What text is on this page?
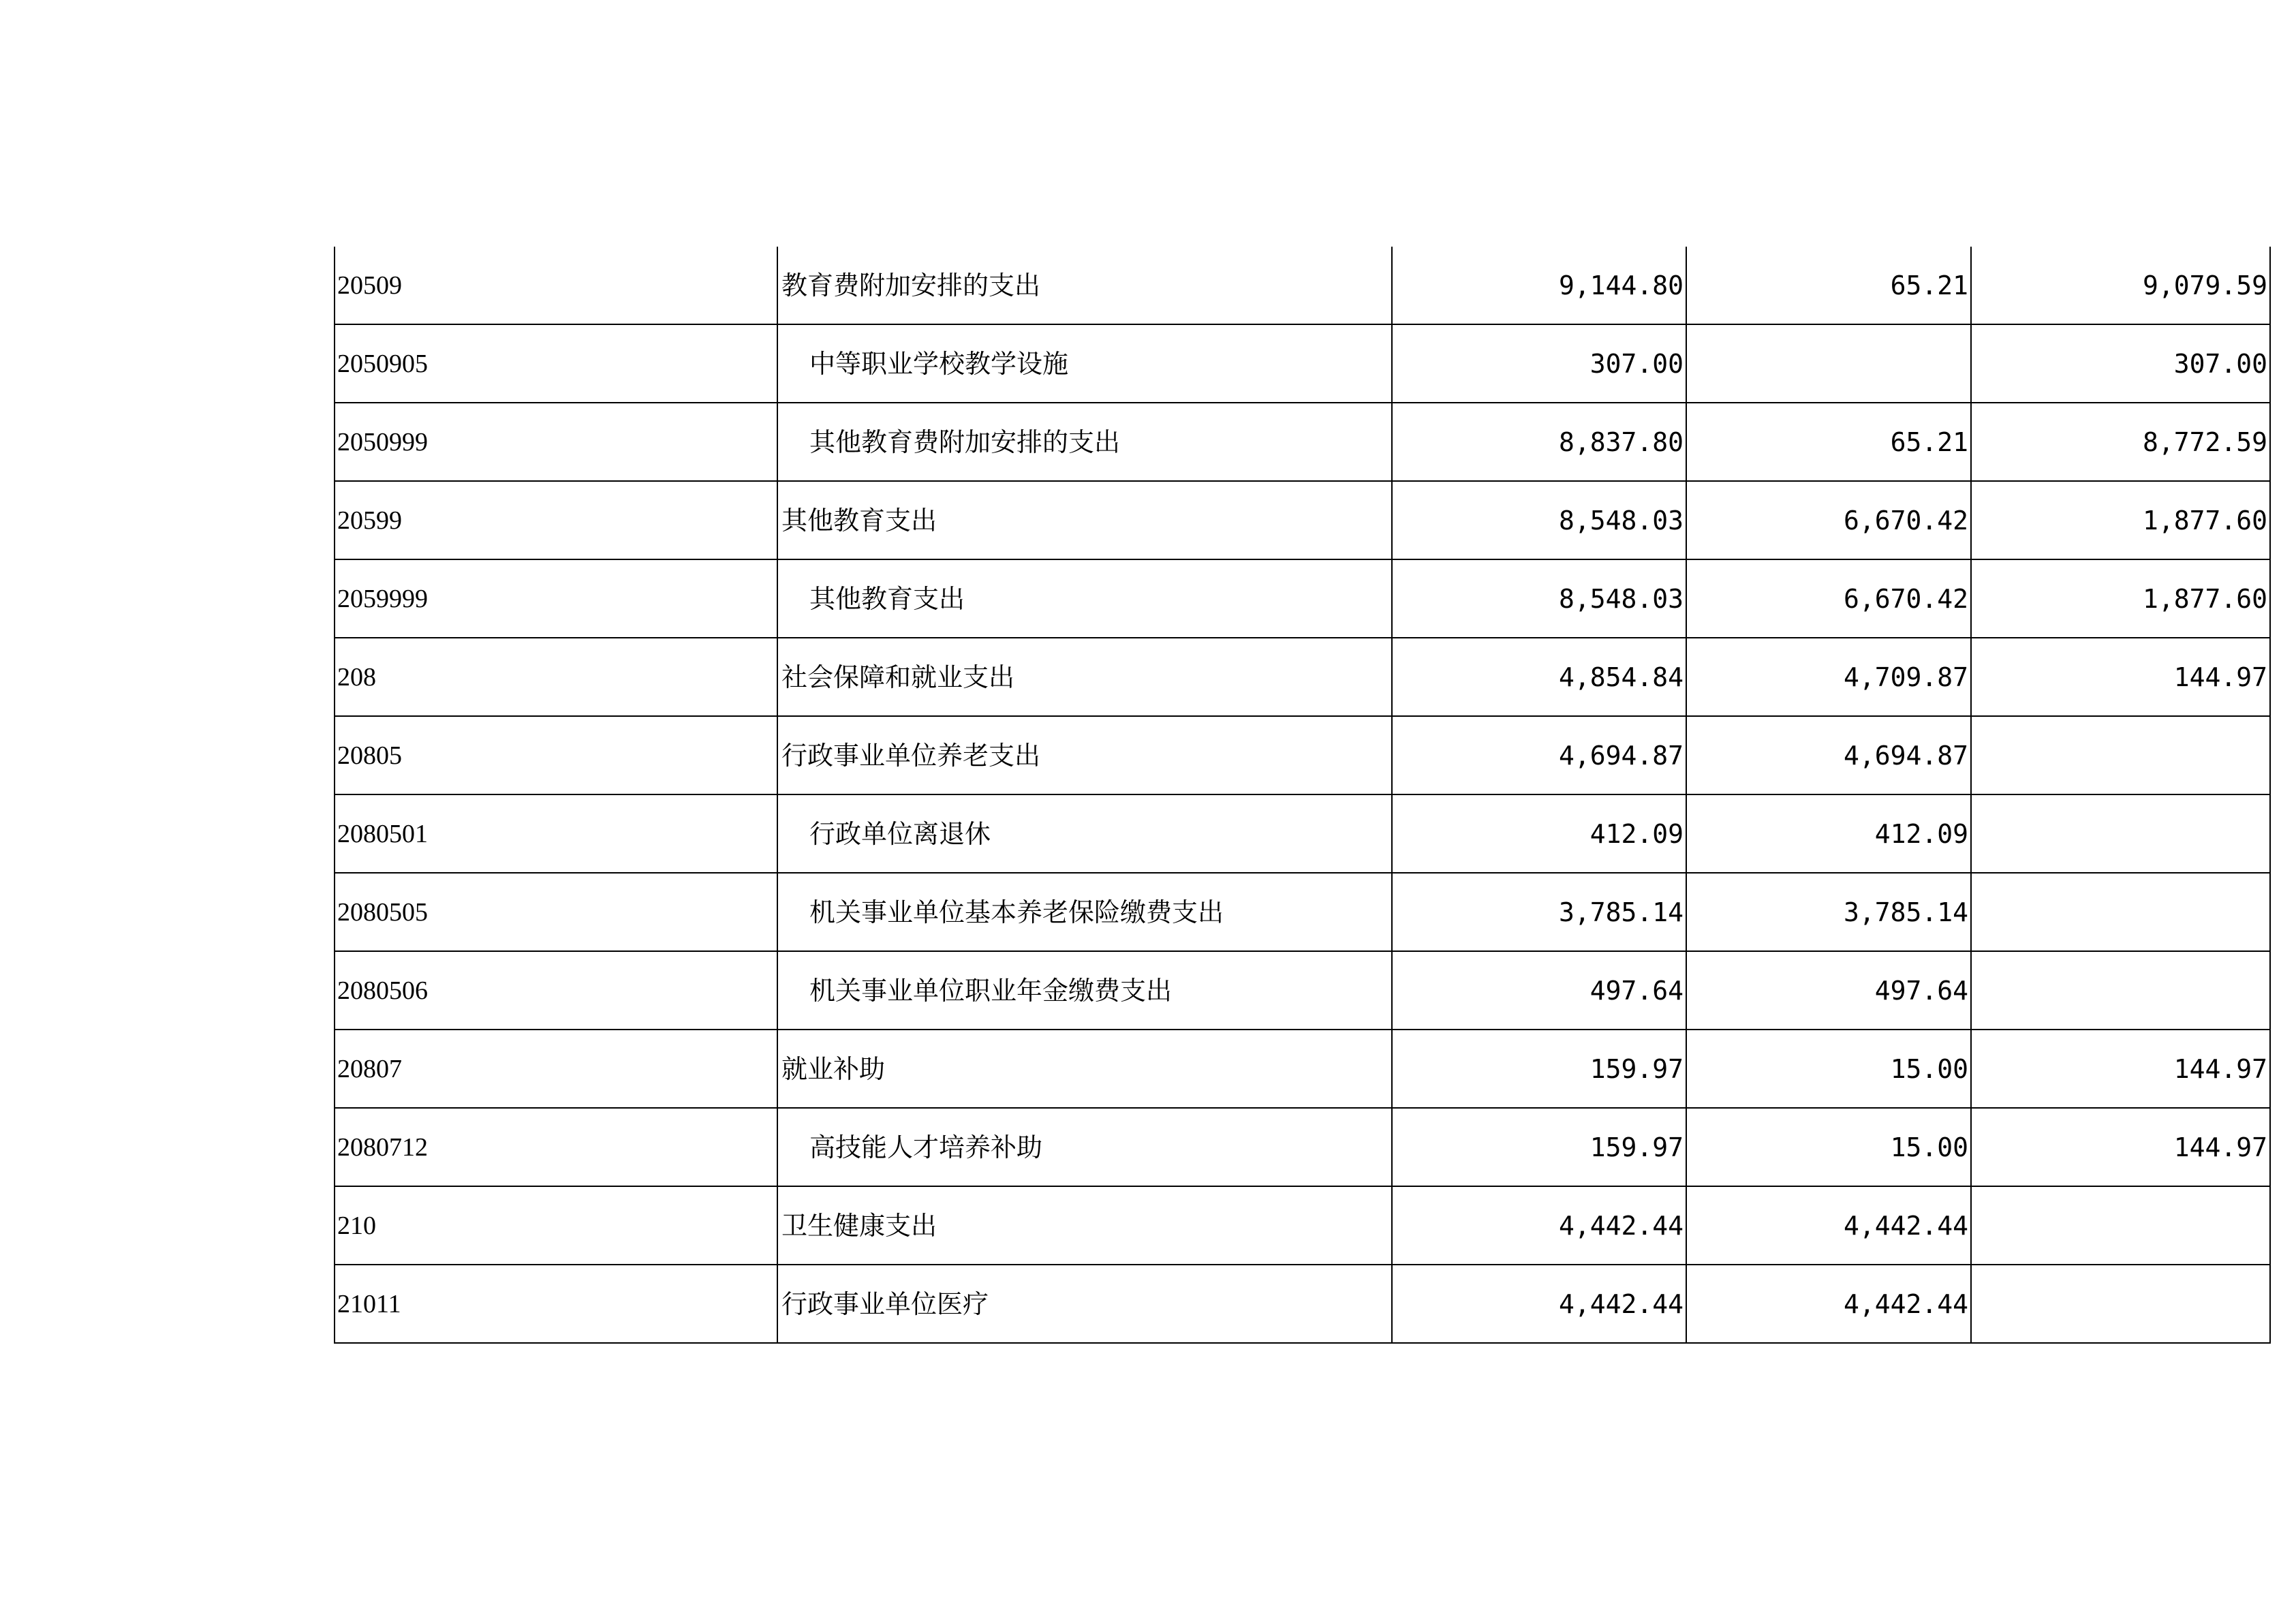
20509	教育费附加安排的支出	9,144.80	65.21	9,079.59
2050905	中等职业学校教学设施	307.00		307.00
2050999	其他教育费附加安排的支出	8,837.80	65.21	8,772.59
20599	其他教育支出	8,548.03	6,670.42	1,877.60
2059999	其他教育支出	8,548.03	6,670.42	1,877.60
208	社会保障和就业支出	4,854.84	4,709.87	144.97
20805	行政事业单位养老支出	4,694.87	4,694.87	
2080501	行政单位离退休	412.09	412.09	
2080505	机关事业单位基本养老保险缴费支出	3,785.14	3,785.14	
2080506	机关事业单位职业年金缴费支出	497.64	497.64	
20807	就业补助	159.97	15.00	144.97
2080712	高技能人才培养补助	159.97	15.00	144.97
210	卫生健康支出	4,442.44	4,442.44	
21011	行政事业单位医疗	4,442.44	4,442.44	
